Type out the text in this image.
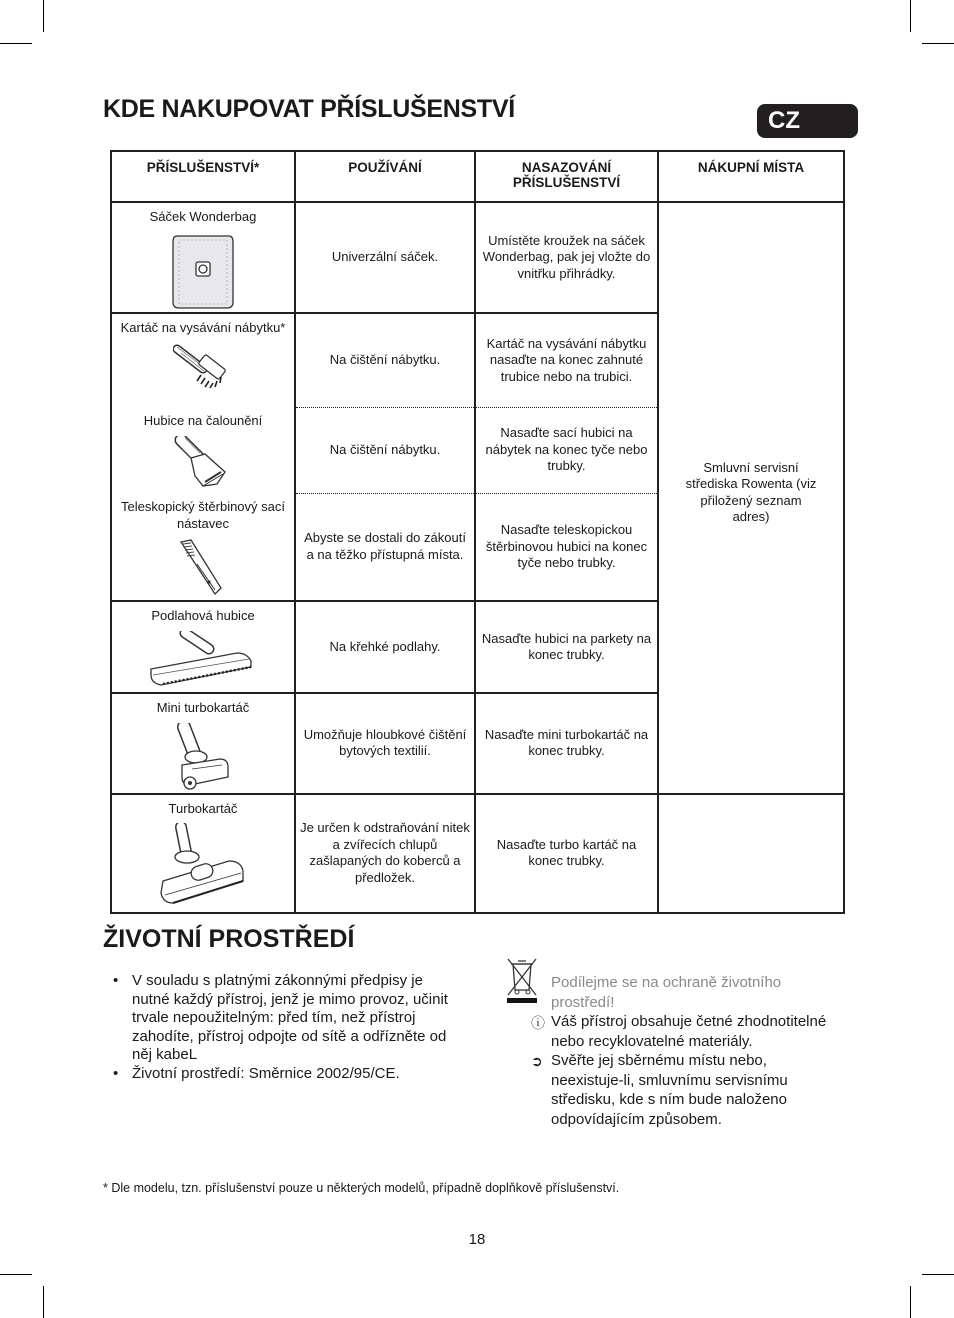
KDE NAKUPOVAT PŘÍSLUŠENSTVÍ	CZ
PŘÍSLUŠENSTVÍ*	POUŽÍVÁNÍ	NASAZOVÁNÍ PŘÍSLUŠENSTVÍ	NÁKUPNÍ MÍSTA

Sáček Wonderbag	Univerzální sáček.	Umístěte kroužek na sáček Wonderbag, pak jej vložte do vnitřku přihrádky.	Smluvní servisní střediska Rowenta (viz přiložený seznam adres)

Kartáč na vysávání nábytku*	Na čištění nábytku.	Kartáč na vysávání nábytku nasaďte na konec zahnuté trubice nebo na trubici.	

Hubice na čalounění	Na čištění nábytku.	Nasaďte sací hubici na nábytek na konec tyče nebo trubky.	

Teleskopický štěrbinový sací nástavec	Abyste se dostali do zákoutí a na těžko přístupná místa.	Nasaďte teleskopickou štěrbinovou hubici na konec tyče nebo trubky.	

Podlahová hubice	Na křehké podlahy.	Nasaďte hubici na parkety na konec trubky.	

Mini turbokartáč	Umožňuje hloubkové čištění bytových textilií.	Nasaďte mini turbokartáč na konec trubky.	

Turbokartáč	Je určen k odstraňování nitek a zvířecích chlupů zašlapaných do koberců a předložek.	Nasaďte turbo kartáč na konec trubky.	
ŽIVOTNÍ PROSTŘEDÍ
• V souladu s platnými zákonnými předpisy je nutné každý přístroj, jenž je mimo provoz, učinit trvale nepoužitelným: před tím, než přístroj zahodíte, přístroj odpojte od sítě a odřízněte od něj kabeL
• Životní prostředí: Směrnice 2002/95/CE.
Podílejme se na ochraně životního prostředí!
ⓘ Váš přístroj obsahuje četné zhodnotitelné nebo recyklovatelné materiály.
➲ Svěřte jej sběrnému místu nebo, neexistuje-li, smluvnímu servisnímu středisku, kde s ním bude naloženo odpovídajícím způsobem.
* Dle modelu, tzn. příslušenství pouze u některých modelů, případně doplňkově příslušenství.
18
